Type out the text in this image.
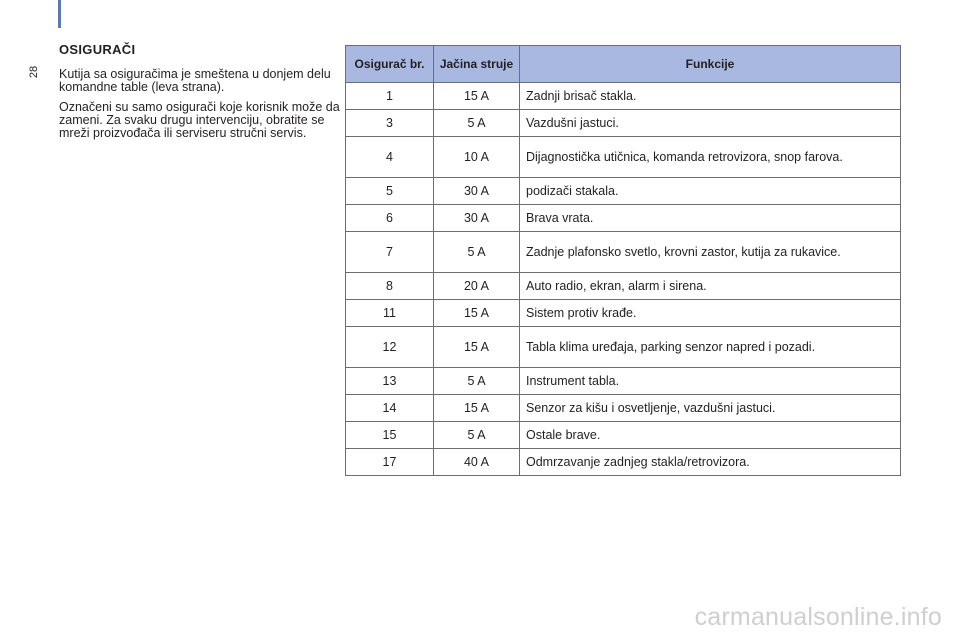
28
OSIGURAČI

Kutija sa osiguračima je smeštena u donjem delu komandne table (leva strana).

Označeni su samo osigurači koje korisnik može da zameni. Za svaku drugu intervenciju, obratite se mreži proizvođača ili serviseru stručni servis.

Osigurač br.	Jačina struje	Funkcije
1	15 A	Zadnji brisač stakla.
3	5 A	Vazdušni jastuci.
4	10 A	Dijagnostička utičnica, komanda retrovizora, snop farova.
5	30 A	podizači stakala.
6	30 A	Brava vrata.
7	5 A	Zadnje plafonsko svetlo, krovni zastor, kutija za rukavice.
8	20 A	Auto radio, ekran, alarm i sirena.
11	15 A	Sistem protiv krađe.
12	15 A	Tabla klima uređaja, parking senzor napred i pozadi.
13	5 A	Instrument tabla.
14	15 A	Senzor za kišu i osvetljenje, vazdušni jastuci.
15	5 A	Ostale brave.
17	40 A	Odmrzavanje zadnjeg stakla/retrovizora.
carmanualsonline.info
